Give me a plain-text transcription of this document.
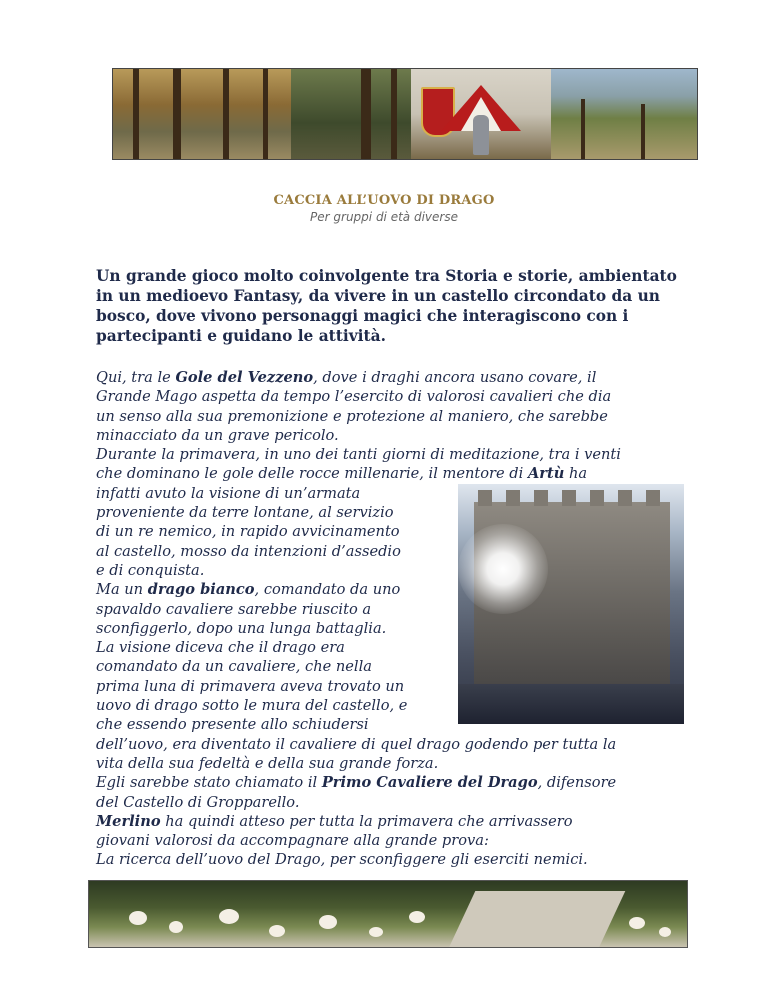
CACCIA ALL’UOVO DI DRAGO
Per gruppi di età diverse
Un grande gioco molto coinvolgente tra Storia e storie, ambientato in un medioevo Fantasy, da vivere in un castello circondato da un bosco, dove vivono personaggi magici che interagiscono con i partecipanti e guidano le attività.

Qui, tra le Gole del Vezzeno, dove i draghi ancora usano covare, il

Grande Mago aspetta da tempo l’esercito di valorosi cavalieri che dia

un senso alla sua premonizione e protezione al maniero, che sarebbe

minacciato da un grave pericolo.

Durante la primavera, in uno dei tanti giorni di meditazione, tra i venti

che dominano le gole delle rocce millenarie, il mentore di Artù ha

infatti avuto la visione di un’armata

proveniente da terre lontane, al servizio

di un re nemico, in rapido avvicinamento

al castello, mosso da intenzioni d’assedio

e di conquista.

Ma un drago bianco, comandato da uno

spavaldo cavaliere sarebbe riuscito a

sconfiggerlo, dopo una lunga battaglia.

La visione diceva che il drago era

comandato da un cavaliere, che nella

prima luna di primavera aveva trovato un

uovo di drago sotto le mura del castello, e

che essendo presente allo schiudersi

dell’uovo, era diventato il cavaliere di quel drago godendo per tutta la

vita della sua fedeltà e della sua grande forza.

Egli sarebbe stato chiamato il Primo Cavaliere del Drago, difensore

del Castello di Gropparello.

Merlino ha quindi atteso per tutta la primavera che arrivassero

giovani valorosi da accompagnare alla grande prova:

La ricerca dell’uovo del Drago, per sconfiggere gli eserciti nemici.
